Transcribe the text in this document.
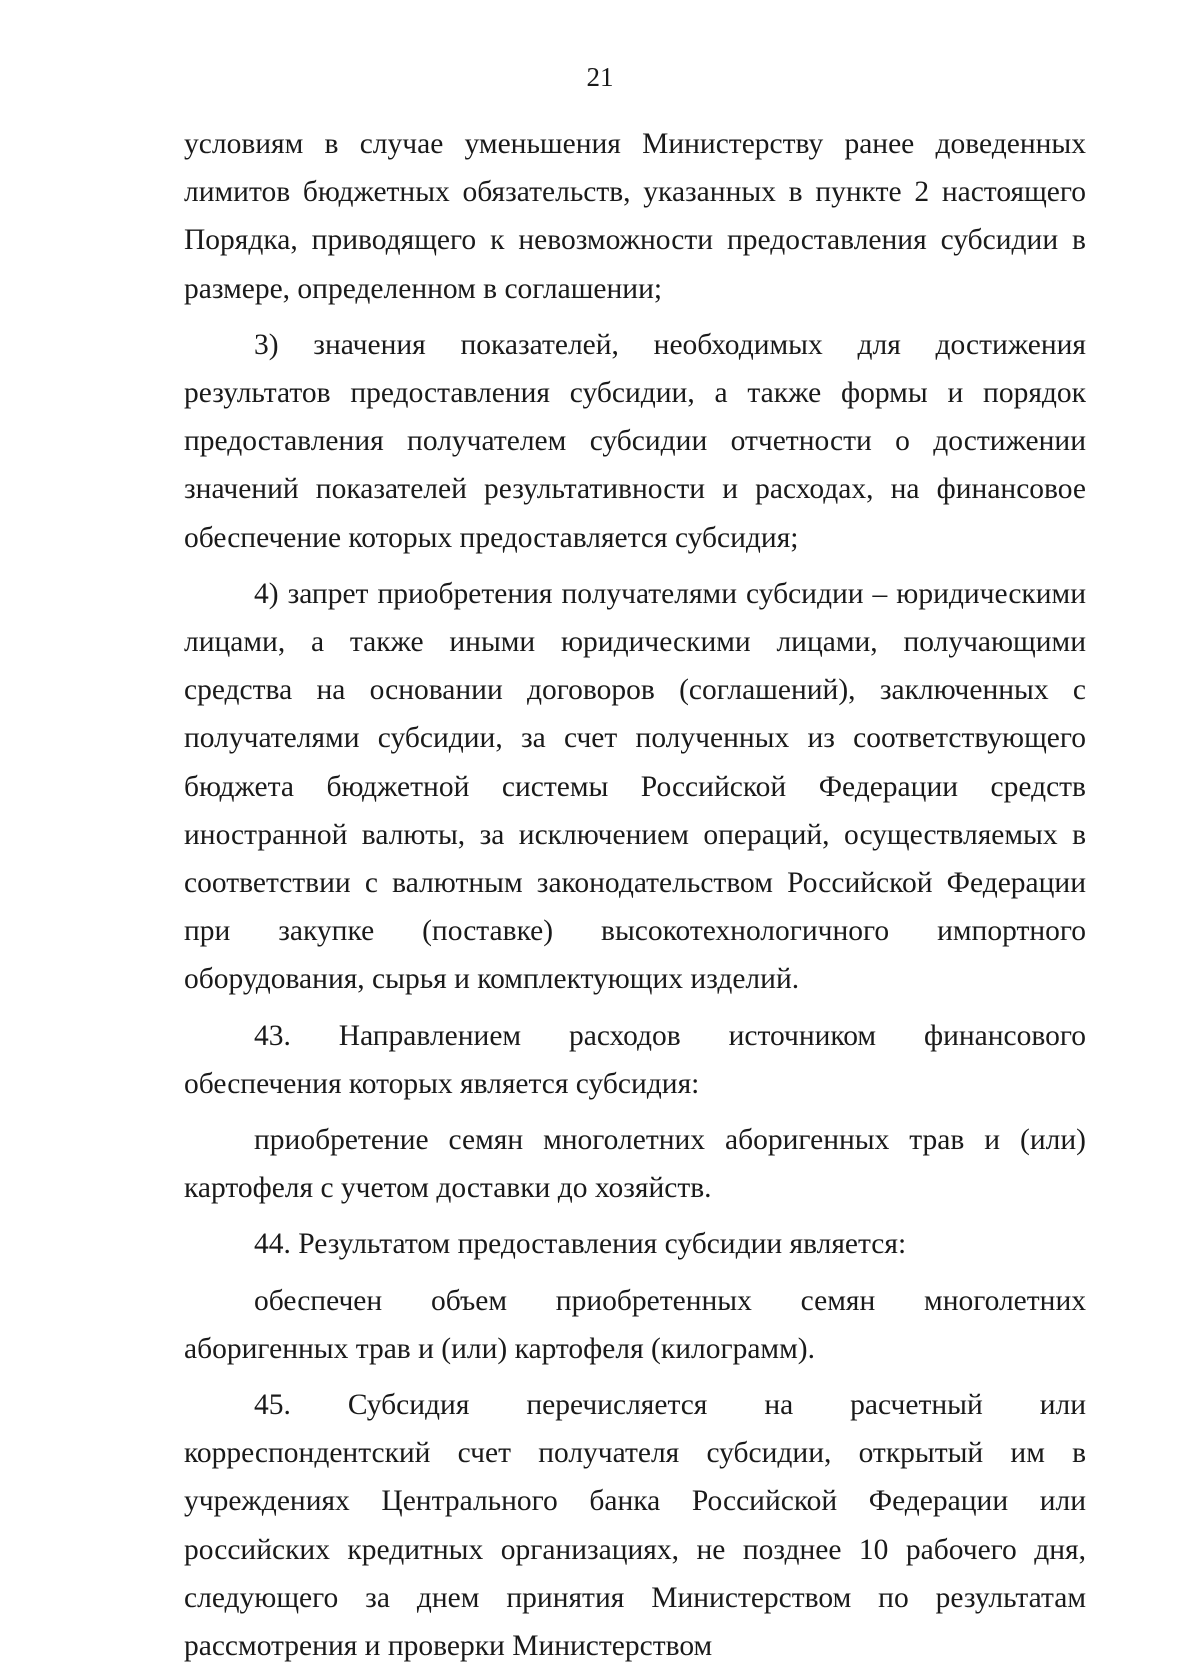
21

условиям в случае уменьшения Министерству ранее доведенных лимитов бюджетных обязательств, указанных в пункте 2 настоящего Порядка, приводящего к невозможности предоставления субсидии в размере, определенном в соглашении;

3) значения показателей, необходимых для достижения результатов предоставления субсидии, а также формы и порядок предоставления получателем субсидии отчетности о достижении значений показателей результативности и расходах, на финансовое обеспечение которых предоставляется субсидия;

4) запрет приобретения получателями субсидии – юридическими лицами, а также иными юридическими лицами, получающими средства на основании договоров (соглашений), заключенных с получателями субсидии, за счет полученных из соответствующего бюджета бюджетной системы Российской Федерации средств иностранной валюты, за исключением операций, осуществляемых в соответствии с валютным законодательством Российской Федерации при закупке (поставке) высокотехнологичного импортного оборудования, сырья и комплектующих изделий.

43. Направлением расходов источником финансового обеспечения которых является субсидия:

приобретение семян многолетних аборигенных трав и (или) картофеля с учетом доставки до хозяйств.

44. Результатом предоставления субсидии является:

обеспечен объем приобретенных семян многолетних аборигенных трав и (или) картофеля (килограмм).

45. Субсидия перечисляется на расчетный или корреспондентский счет получателя субсидии, открытый им в учреждениях Центрального банка Российской Федерации или российских кредитных организациях, не позднее 10 рабочего дня, следующего за днем принятия Министерством по результатам рассмотрения и проверки Министерством
